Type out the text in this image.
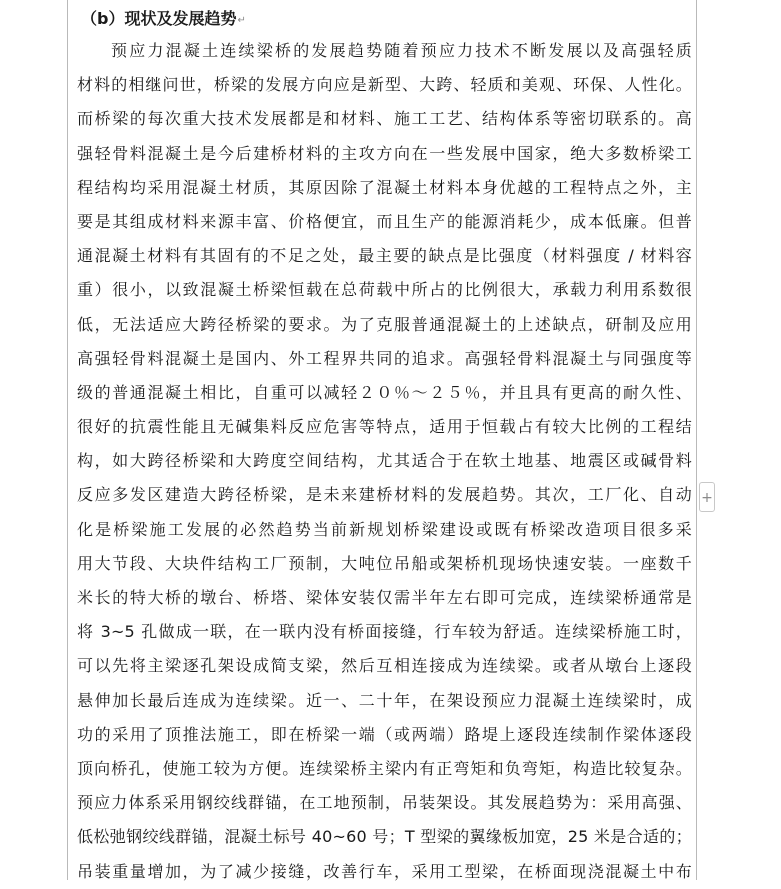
（b）现状及发展趋势↵
预应力混凝土连续梁桥的发展趋势随着预应力技术不断发展以及高强轻质
材料的相继问世，桥梁的发展方向应是新型、大跨、轻质和美观、环保、人性化。
而桥梁的每次重大技术发展都是和材料、施工工艺、结构体系等密切联系的。高
强轻骨料混凝土是今后建桥材料的主攻方向在一些发展中国家，绝大多数桥梁工
程结构均采用混凝土材质，其原因除了混凝土材料本身优越的工程特点之外，主
要是其组成材料来源丰富、价格便宜，而且生产的能源消耗少，成本低廉。但普
通混凝土材料有其固有的不足之处，最主要的缺点是比强度（材料强度 / 材料容
重）很小，以致混凝土桥梁恒载在总荷载中所占的比例很大，承载力利用系数很
低，无法适应大跨径桥梁的要求。为了克服普通混凝土的上述缺点，研制及应用
高强轻骨料混凝土是国内、外工程界共同的追求。高强轻骨料混凝土与同强度等
级的普通混凝土相比，自重可以减轻２０％～２５％，并且具有更高的耐久性、
很好的抗震性能且无碱集料反应危害等特点，适用于恒载占有较大比例的工程结
构，如大跨径桥梁和大跨度空间结构，尤其适合于在软土地基、地震区或碱骨料
反应多发区建造大跨径桥梁，是未来建桥材料的发展趋势。其次，工厂化、自动
化是桥梁施工发展的必然趋势当前新规划桥梁建设或既有桥梁改造项目很多采
用大节段、大块件结构工厂预制，大吨位吊船或架桥机现场快速安装。一座数千
米长的特大桥的墩台、桥塔、梁体安装仅需半年左右即可完成，连续梁桥通常是
将 3~5 孔做成一联，在一联内没有桥面接缝，行车较为舒适。连续梁桥施工时，
可以先将主梁逐孔架设成简支梁，然后互相连接成为连续梁。或者从墩台上逐段
悬伸加长最后连成为连续梁。近一、二十年，在架设预应力混凝土连续梁时，成
功的采用了顶推法施工，即在桥梁一端（或两端）路堤上逐段连续制作梁体逐段
顶向桥孔，使施工较为方便。连续梁桥主梁内有正弯矩和负弯矩，构造比较复杂。
预应力体系采用钢绞线群锚，在工地预制，吊装架设。其发展趋势为：采用高强、
低松弛钢绞线群锚，混凝土标号 40~60 号；T 型梁的翼缘板加宽，25 米是合适的；
吊装重量增加，为了减少接缝，改善行车，采用工型梁，在桥面现浇混凝土中布
+
